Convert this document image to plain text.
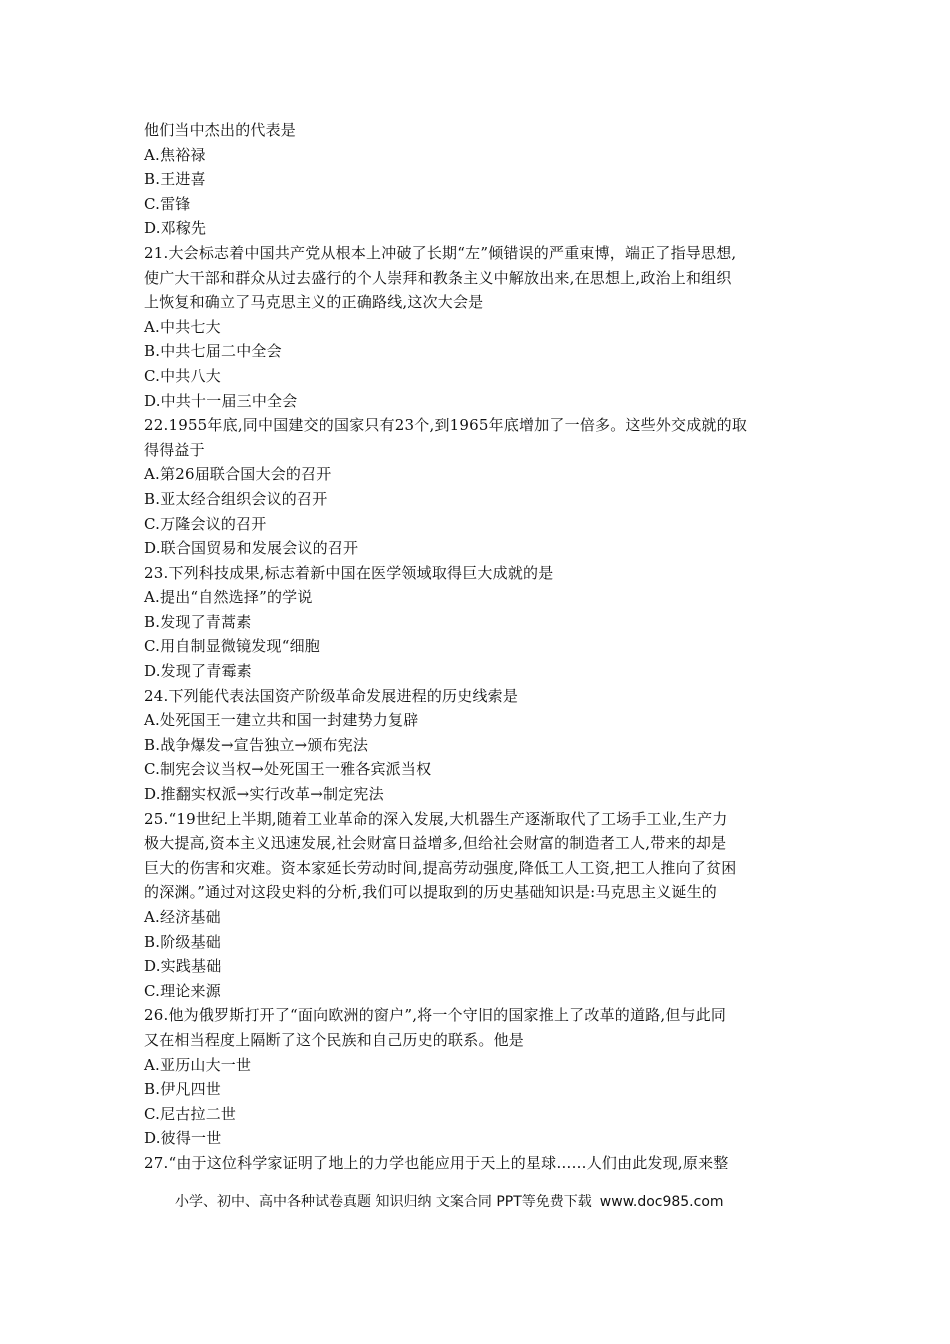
他们当中杰出的代表是
A.焦裕禄
B.王进喜
C.雷锋
D.邓稼先
21.大会标志着中国共产党从根本上冲破了长期“左”倾错误的严重束博，端正了指导思想,
使广大干部和群众从过去盛行的个人崇拜和教条主义中解放出来,在思想上,政治上和组织
上恢复和确立了马克思主义的正确路线,这次大会是
A.中共七大
B.中共七届二中全会
C.中共八大
D.中共十一届三中全会
22.1955年底,同中国建交的国家只有23个,到1965年底增加了一倍多。这些外交成就的取
得得益于
A.第26届联合国大会的召开
B.亚太经合组织会议的召开
C.万隆会议的召开
D.联合国贸易和发展会议的召开
23.下列科技成果,标志着新中国在医学领域取得巨大成就的是
A.提出“自然选择”的学说
B.发现了青蒿素
C.用自制显微镜发现“细胞
D.发现了青霉素
24.下列能代表法国资产阶级革命发展进程的历史线索是
A.处死国王一建立共和国一封建势力复辟
B.战争爆发→宣告独立→颁布宪法
C.制宪会议当权→处死国王一雅各宾派当权
D.推翻实权派→实行改革→制定宪法
25.“19世纪上半期,随着工业革命的深入发展,大机器生产逐渐取代了工场手工业,生产力
极大提高,资本主义迅速发展,社会财富日益增多,但给社会财富的制造者工人,带来的却是
巨大的伤害和灾难。资本家延长劳动时间,提高劳动强度,降低工人工资,把工人推向了贫困
的深渊。”通过对这段史料的分析,我们可以提取到的历史基础知识是:马克思主义诞生的
A.经济基础
B.阶级基础
D.实践基础
C.理论来源
26.他为俄罗斯打开了“面向欧洲的窗户”,将一个守旧的国家推上了改革的道路,但与此同
又在相当程度上隔断了这个民族和自己历史的联系。他是
A.亚历山大一世
B.伊凡四世
C.尼古拉二世
D.彼得一世
27.“由于这位科学家证明了地上的力学也能应用于天上的星球……人们由此发现,原来整
小学、初中、高中各种试卷真题 知识归纳 文案合同 PPT等免费下载 www.doc985.com
